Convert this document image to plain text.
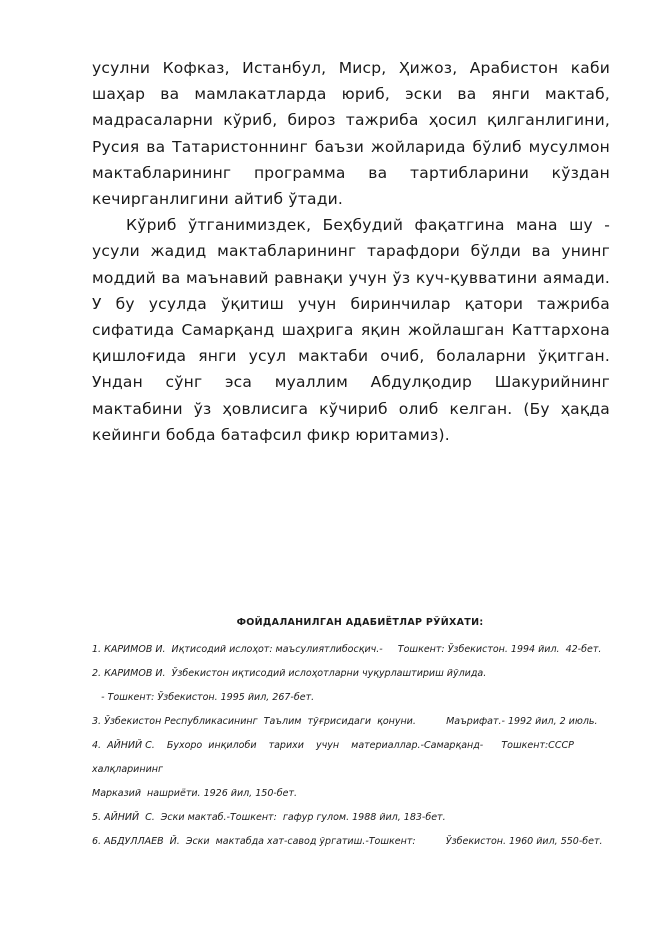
усулни Кофказ, Истанбул, Миср, Ҳижоз, Арабистон каби шаҳар ва мамлакатларда юриб, эски ва янги мактаб, мадрасаларни кўриб, бироз тажриба ҳосил қилганлигини, Русия ва Татаристоннинг баъзи жойларида бўлиб мусулмон мактабларининг программа ва тартибларини кўздан кечирганлигини айтиб ўтади.

Кўриб ўтганимиздек, Беҳбудий фақатгина мана шу - усули жадид мактабларининг тарафдори бўлди ва унинг моддий ва маънавий равнақи учун ўз куч-қувватини аямади. У бу усулда ўқитиш учун биринчилар қатори тажриба сифатида Самарқанд шаҳрига яқин жойлашган Каттархона қишлоғида янги усул мактаби очиб, болаларни ўқитган. Ундан сўнг эса муаллим Абдулқодир Шакурийнинг мактабини ўз ҳовлисига кўчириб олиб келган. (Бу ҳақда кейинги бобда батафсил фикр юритамиз).

ФОЙДАЛАНИЛГАН АДАБИЁТЛАР РЎЙХАТИ:
1. КАРИМОВ И.  Иқтисодий ислоҳот: маъсулиятлибосқич.-     Тошкент: Ўзбекистон. 1994 йил.  42-бет.
2. КАРИМОВ И.  Ўзбекистон иқтисодий ислоҳотларни чуқурлаштириш йўлида.
- Тошкент: Ўзбекистон. 1995 йил, 267-бет.
3. Ўзбекистон Республикасининг  Таълим  тўғрисидаги  қонуни.          Маърифат.- 1992 йил, 2 июль.
4.  АЙНИЙ С.    Бухоро  инқилоби    тарихи    учун    материаллар.-Самарқанд-      Тошкент:СССР  халқларининг
Марказий  нашриёти. 1926 йил, 150-бет.
5. АЙНИЙ  С.  Эски мактаб.-Тошкент:  гафур гулом. 1988 йил, 183-бет.
6. АБДУЛЛАЕВ  Й.  Эски  мактабда хат-савод ўргатиш.-Тошкент:          Ўзбекистон. 1960 йил, 550-бет.
